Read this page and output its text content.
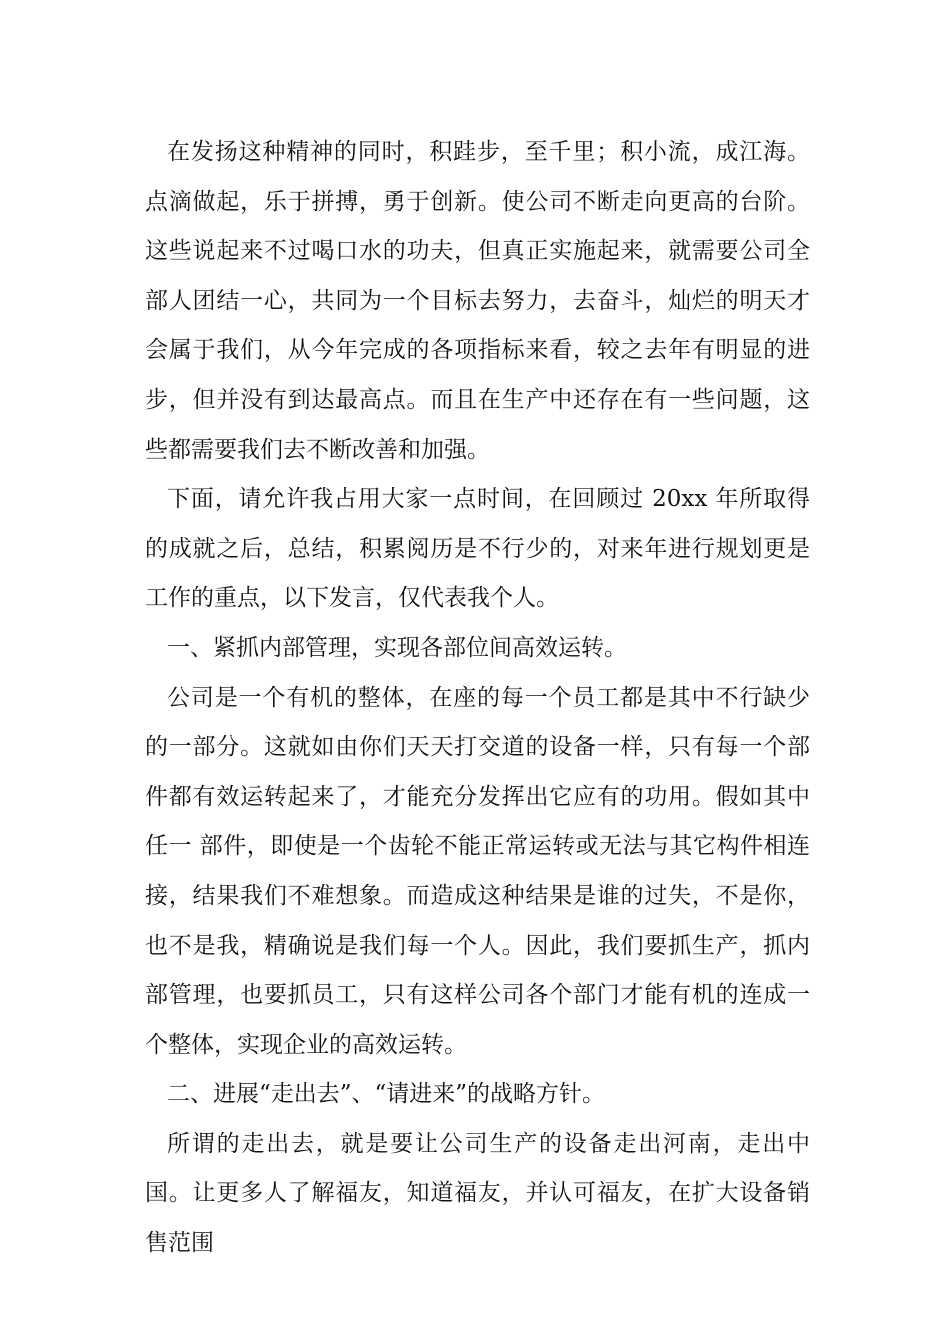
在发扬这种精神的同时，积跬步，至千里；积小流，成江海。点滴做起，乐于拼搏，勇于创新。使公司不断走向更高的台阶。这些说起来不过喝口水的功夫，但真正实施起来，就需要公司全部人团结一心，共同为一个目标去努力，去奋斗，灿烂的明天才会属于我们，从今年完成的各项指标来看，较之去年有明显的进步，但并没有到达最高点。而且在生产中还存在有一些问题，这些都需要我们去不断改善和加强。

下面，请允许我占用大家一点时间，在回顾过 20xx 年所取得的成就之后，总结，积累阅历是不行少的，对来年进行规划更是工作的重点，以下发言，仅代表我个人。

一、紧抓内部管理，实现各部位间高效运转。

公司是一个有机的整体，在座的每一个员工都是其中不行缺少的一部分。这就如由你们天天打交道的设备一样，只有每一个部件都有效运转起来了，才能充分发挥出它应有的功用。假如其中任一 部件，即使是一个齿轮不能正常运转或无法与其它构件相连接，结果我们不难想象。而造成这种结果是谁的过失，不是你，也不是我，精确说是我们每一个人。因此，我们要抓生产，抓内部管理，也要抓员工，只有这样公司各个部门才能有机的连成一个整体，实现企业的高效运转。

二、进展“走出去”、“请进来”的战略方针。

所谓的走出去，就是要让公司生产的设备走出河南，走出中国。让更多人了解福友，知道福友，并认可福友，在扩大设备销售范围
